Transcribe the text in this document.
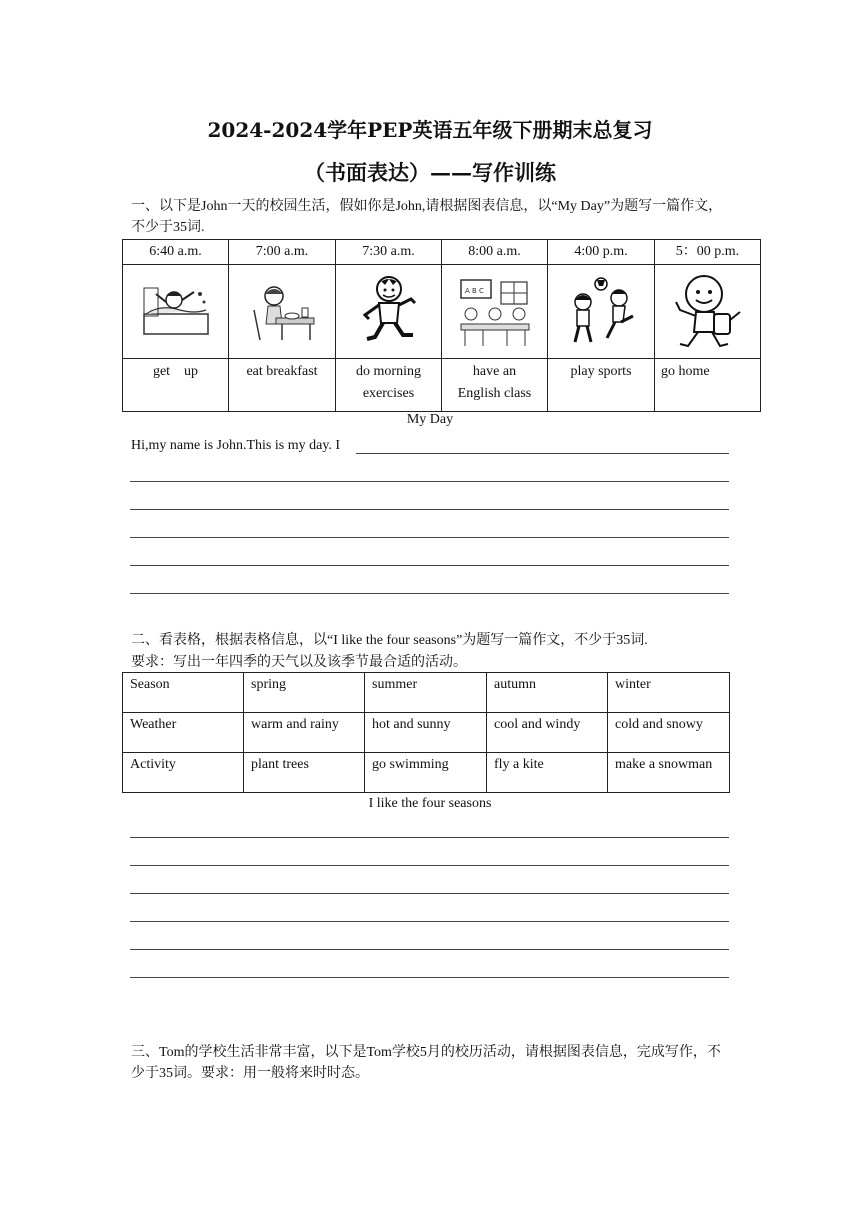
2024-2024学年PEP英语五年级下册期末总复习
（书面表达）——写作训练
一、以下是John一天的校园生活，假如你是John,请根据图表信息，以“My Day”为题写一篇作文，不少于35词.
6:40 a.m.	7:00 a.m.	7:30 a.m.	8:00 a.m.	4:00 p.m.	5：00 p.m.

A B C

get    up	eat breakfast	do morning exercises	have an English class	play sports	go home
My Day
Hi,my name is John.This is my day. I
二、看表格，根据表格信息，以“I like the four seasons”为题写一篇作文，不少于35词.
要求：写出一年四季的天气以及该季节最合适的活动。
Season	spring	summer	autumn	winter
Weather	warm and rainy	hot and sunny	cool and windy	cold and snowy
Activity	plant trees	go swimming	fly a kite	make a snowman
I like the four seasons
三、Tom的学校生活非常丰富，以下是Tom学校5月的校历活动，请根据图表信息，完成写作，不少于35词。要求：用一般将来时时态。
